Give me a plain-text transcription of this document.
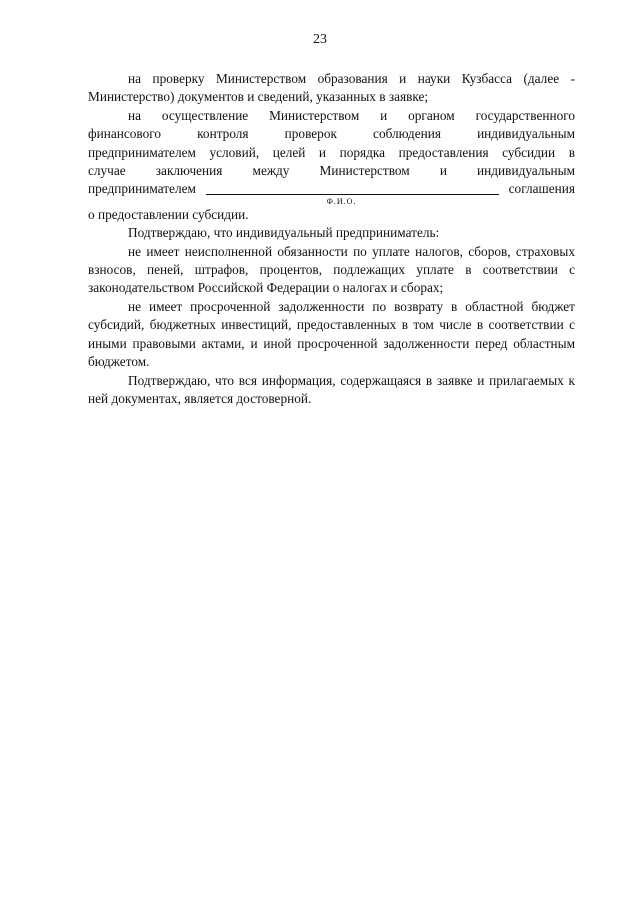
23

на проверку Министерством образования и науки Кузбасса (далее - Министерство) документов и сведений, указанных в заявке;

на осуществление Министерством и органом государственного

финансового контроля проверок соблюдения индивидуальным

предпринимателем условий, целей и порядка предоставления субсидии в

случае заключения между Министерством и индивидуальным

предпринимателем	соглашения
Ф.И.О.

о предоставлении субсидии.

Подтверждаю, что индивидуальный предприниматель:

не имеет неисполненной обязанности по уплате налогов, сборов, страховых взносов, пеней, штрафов, процентов, подлежащих уплате в соответствии с законодательством Российской Федерации о налогах и сборах;

не имеет просроченной задолженности по возврату в областной бюджет субсидий, бюджетных инвестиций, предоставленных в том числе в соответствии с иными правовыми актами, и иной просроченной задолженности перед областным бюджетом.

Подтверждаю, что вся информация, содержащаяся в заявке и прилагаемых к ней документах, является достоверной.
